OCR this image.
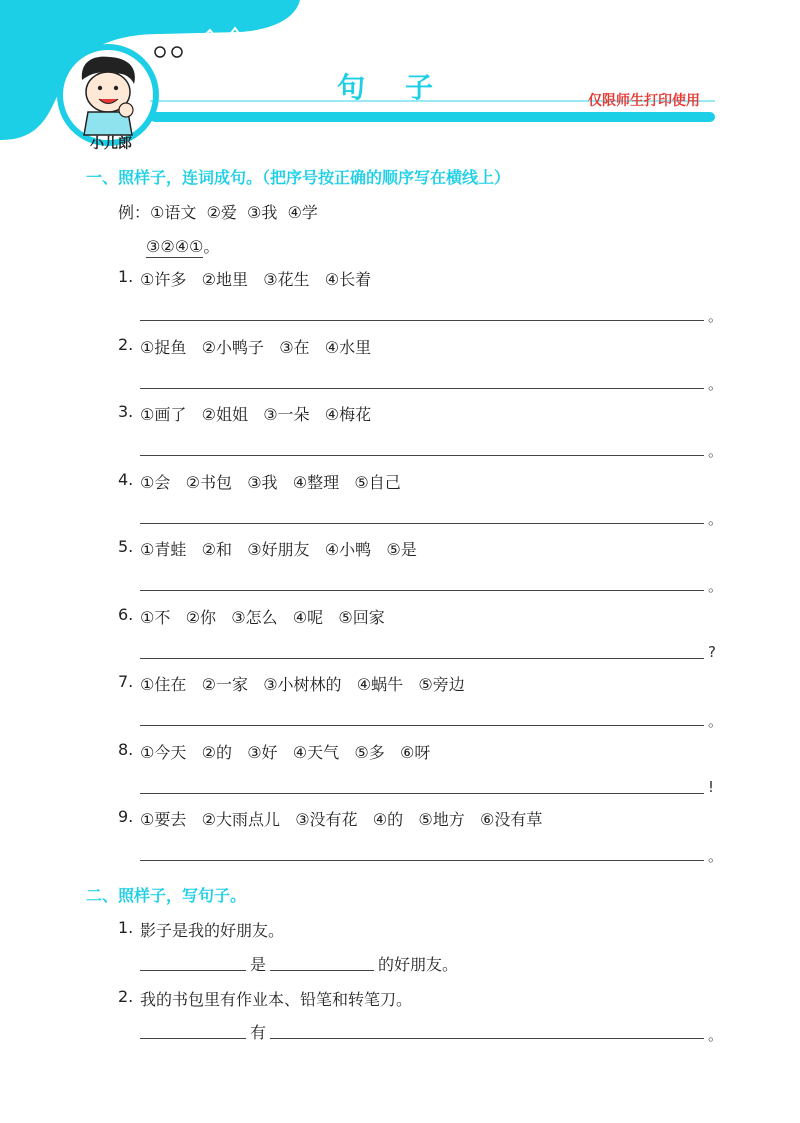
句子	仅限师生打印使用
小儿郎
一、照样子，连词成句。（把序号按正确的顺序写在横线上）
例：①语文  ②爱  ③我  ④学
③②④①。
1. ①许多   ②地里   ③花生   ④长着
。
2. ①捉鱼   ②小鸭子   ③在   ④水里
。
3. ①画了   ②姐姐   ③一朵   ④梅花
。
4. ①会   ②书包   ③我   ④整理   ⑤自己
。
5. ①青蛙   ②和   ③好朋友   ④小鸭   ⑤是
。
6. ①不   ②你   ③怎么   ④呢   ⑤回家
?
7. ①住在   ②一家   ③小树林的   ④蜗牛   ⑤旁边
。
8. ①今天   ②的   ③好   ④天气   ⑤多   ⑥呀
!
9. ①要去   ②大雨点儿   ③没有花   ④的   ⑤地方   ⑥没有草
。
二、照样子，写句子。
1. 影子是我的好朋友。
是	的好朋友。
2. 我的书包里有作业本、铅笔和转笔刀。
有	。
